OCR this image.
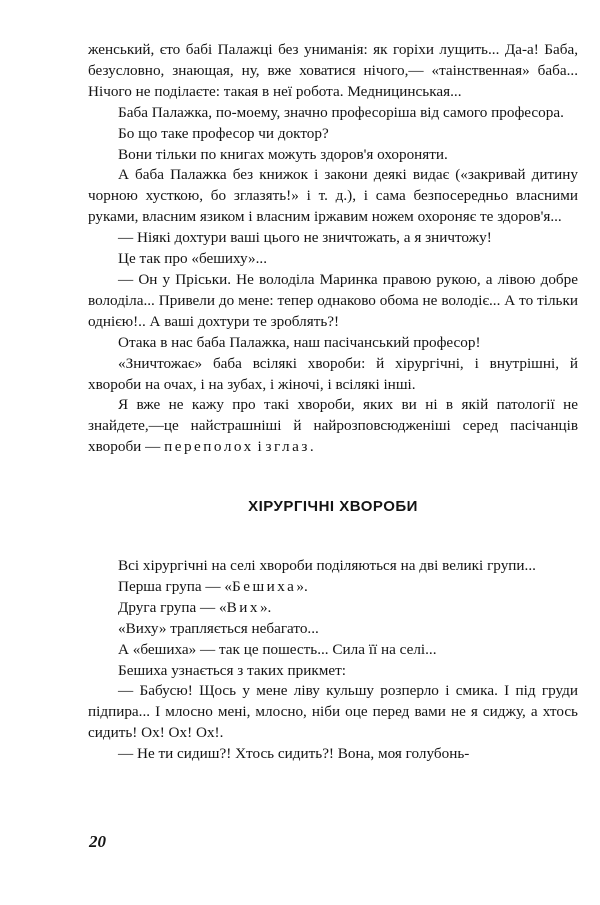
женський, єто бабі Палажці без униманія: як горіхи лущить... Да-а! Баба, безусловно, знающая, ну, вже ховатися нічого,— «таінственная» баба... Нічого не поділаєте: такая в неї робота. Медницинськая...

Баба Палажка, по-моему, значно професоріша від самого професора.

Бо що таке професор чи доктор?

Вони тільки по книгах можуть здоров'я охороняти.

А баба Палажка без книжок і закони деякі видає («закривай дитину чорною хусткою, бо зглазять!» і т. д.), і сама безпосередньо власними руками, власним язиком і власним іржавим ножем охороняє те здоров'я...

— Ніякі дохтури ваші цього не зничтожать, а я зничтожу!

Це так про «бешиху»...

— Он у Пріськи. Не володіла Маринка правою рукою, а лівою добре володіла... Привели до мене: тепер однаково обома не володіє... А то тільки однією!.. А ваші дохтури те зроблять?!

Отака в нас баба Палажка, наш пасічанський професор!

«Зничтожає» баба всілякі хвороби: й хірургічні, і внутрішні, й хвороби на очах, і на зубах, і жіночі, і всілякі інші.

Я вже не кажу про такі хвороби, яких ви ні в якій патології не знайдете,—це найстрашніші й найрозповсюдженіші серед пасічанців хвороби — переполох і зглаз.

ХІРУРГІЧНІ ХВОРОБИ

Всі хірургічні на селі хвороби поділяються на дві великі групи...

Перша група — «Бешиха».

Друга група — «Вих».

«Виху» трапляється небагато...

А «бешиха» — так це пошесть... Сила її на селі...

Бешиха узнається з таких прикмет:

— Бабусю! Щось у мене ліву кульшу розперло і смика. І під груди підпира... І млосно мені, млосно, ніби оце перед вами не я сиджу, а хтось сидить! Ох! Ох! Ох!.

— Не ти сидиш?! Хтось сидить?! Вона, моя голубонь-

20
